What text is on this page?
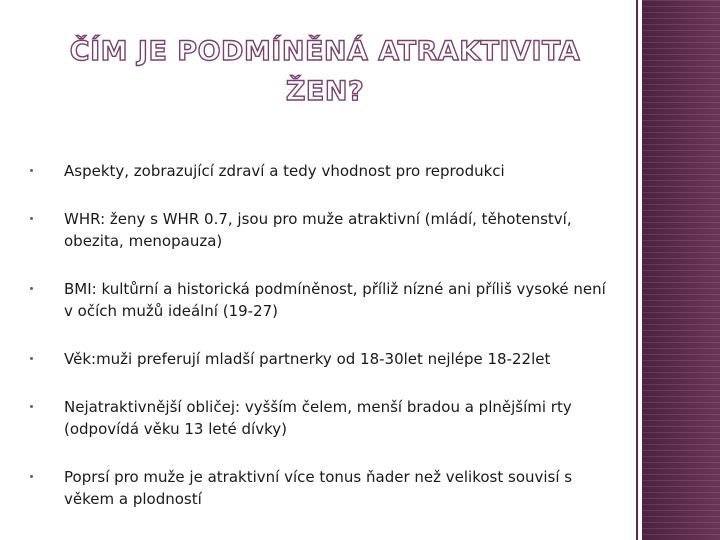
ČÍM JE PODMÍNĚNÁ ATRAKTIVITA ŽEN?
Aspekty, zobrazující zdraví a tedy vhodnost pro reprodukci
WHR: ženy s WHR 0.7, jsou pro muže atraktivní (mládí, těhotenství, obezita, menopauza)
BMI: kultůrní a historická podmíněnost, příliž nízné ani příliš vysoké není v očích mužů ideální (19-27)
Věk:muži preferují mladší partnerky od 18-30let nejlépe 18-22let
Nejatraktivnější obličej: vyšším čelem, menší bradou a plnějšími rty (odpovídá věku 13 leté dívky)
Poprsí pro muže je atraktivní více tonus ňader než velikost souvisí s věkem a plodností
